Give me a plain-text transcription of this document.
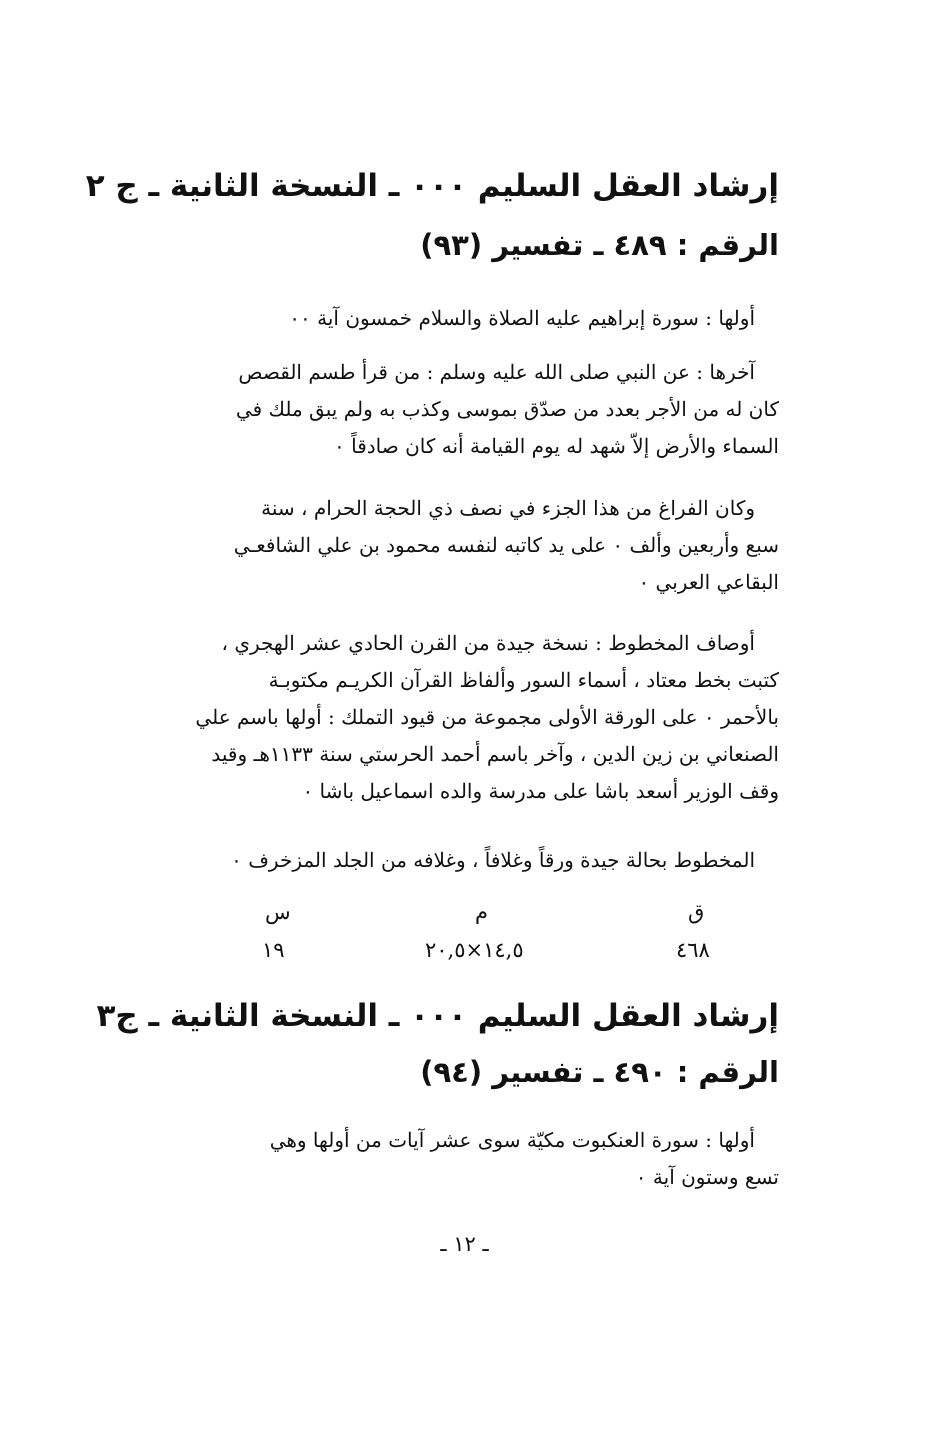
إرشاد العقل السليم ٠٠٠ ـ النسخة الثانية ـ ج ٢
الرقم : ٤٨٩ ـ تفسير (٩٣)

أولها : سورة إبراهيم عليه الصلاة والسلام خمسون آية ٠٠

آخرها : عن النبي صلى الله عليه وسلم : من قرأ طسم القصص

كان له من الأجر بعدد من صدّق بموسى وكذب به ولم يبق ملك في

السماء والأرض إلاّ شهد له يوم القيامة أنه كان صادقاً ٠

وكان الفراغ من هذا الجزء في نصف ذي الحجة الحرام ، سنة

سبع وأربعين وألف ٠ على يد كاتبه لنفسه محمود بن علي الشافعـي

البقاعي العربي ٠

أوصاف المخطوط : نسخة جيدة من القرن الحادي عشر الهجري ،

كتبت بخط معتاد ، أسماء السور وألفاظ القرآن الكريـم مكتوبـة

بالأحمر ٠ على الورقة الأولى مجموعة من قيود التملك : أولها باسم علي

الصنعاني بن زين الدين ، وآخر باسم أحمد الحرستي سنة ١١٣٣هـ وقيد

وقف الوزير أسعد باشا على مدرسة والده اسماعيل باشا ٠

المخطوط بحالة جيدة ورقاً وغلافاً ، وغلافه من الجلد المزخرف ٠

ق
٤٦٨
م
١٤,٥×٢٠,٥
س
١٩
إرشاد العقل السليم ٠٠٠ ـ النسخة الثانية ـ ج٣
الرقم : ٤٩٠ ـ تفسير (٩٤)

أولها : سورة العنكبوت مكيّة سوى عشر آيات من أولها وهي

تسع وستون آية ٠

ـ ١٢ ـ
